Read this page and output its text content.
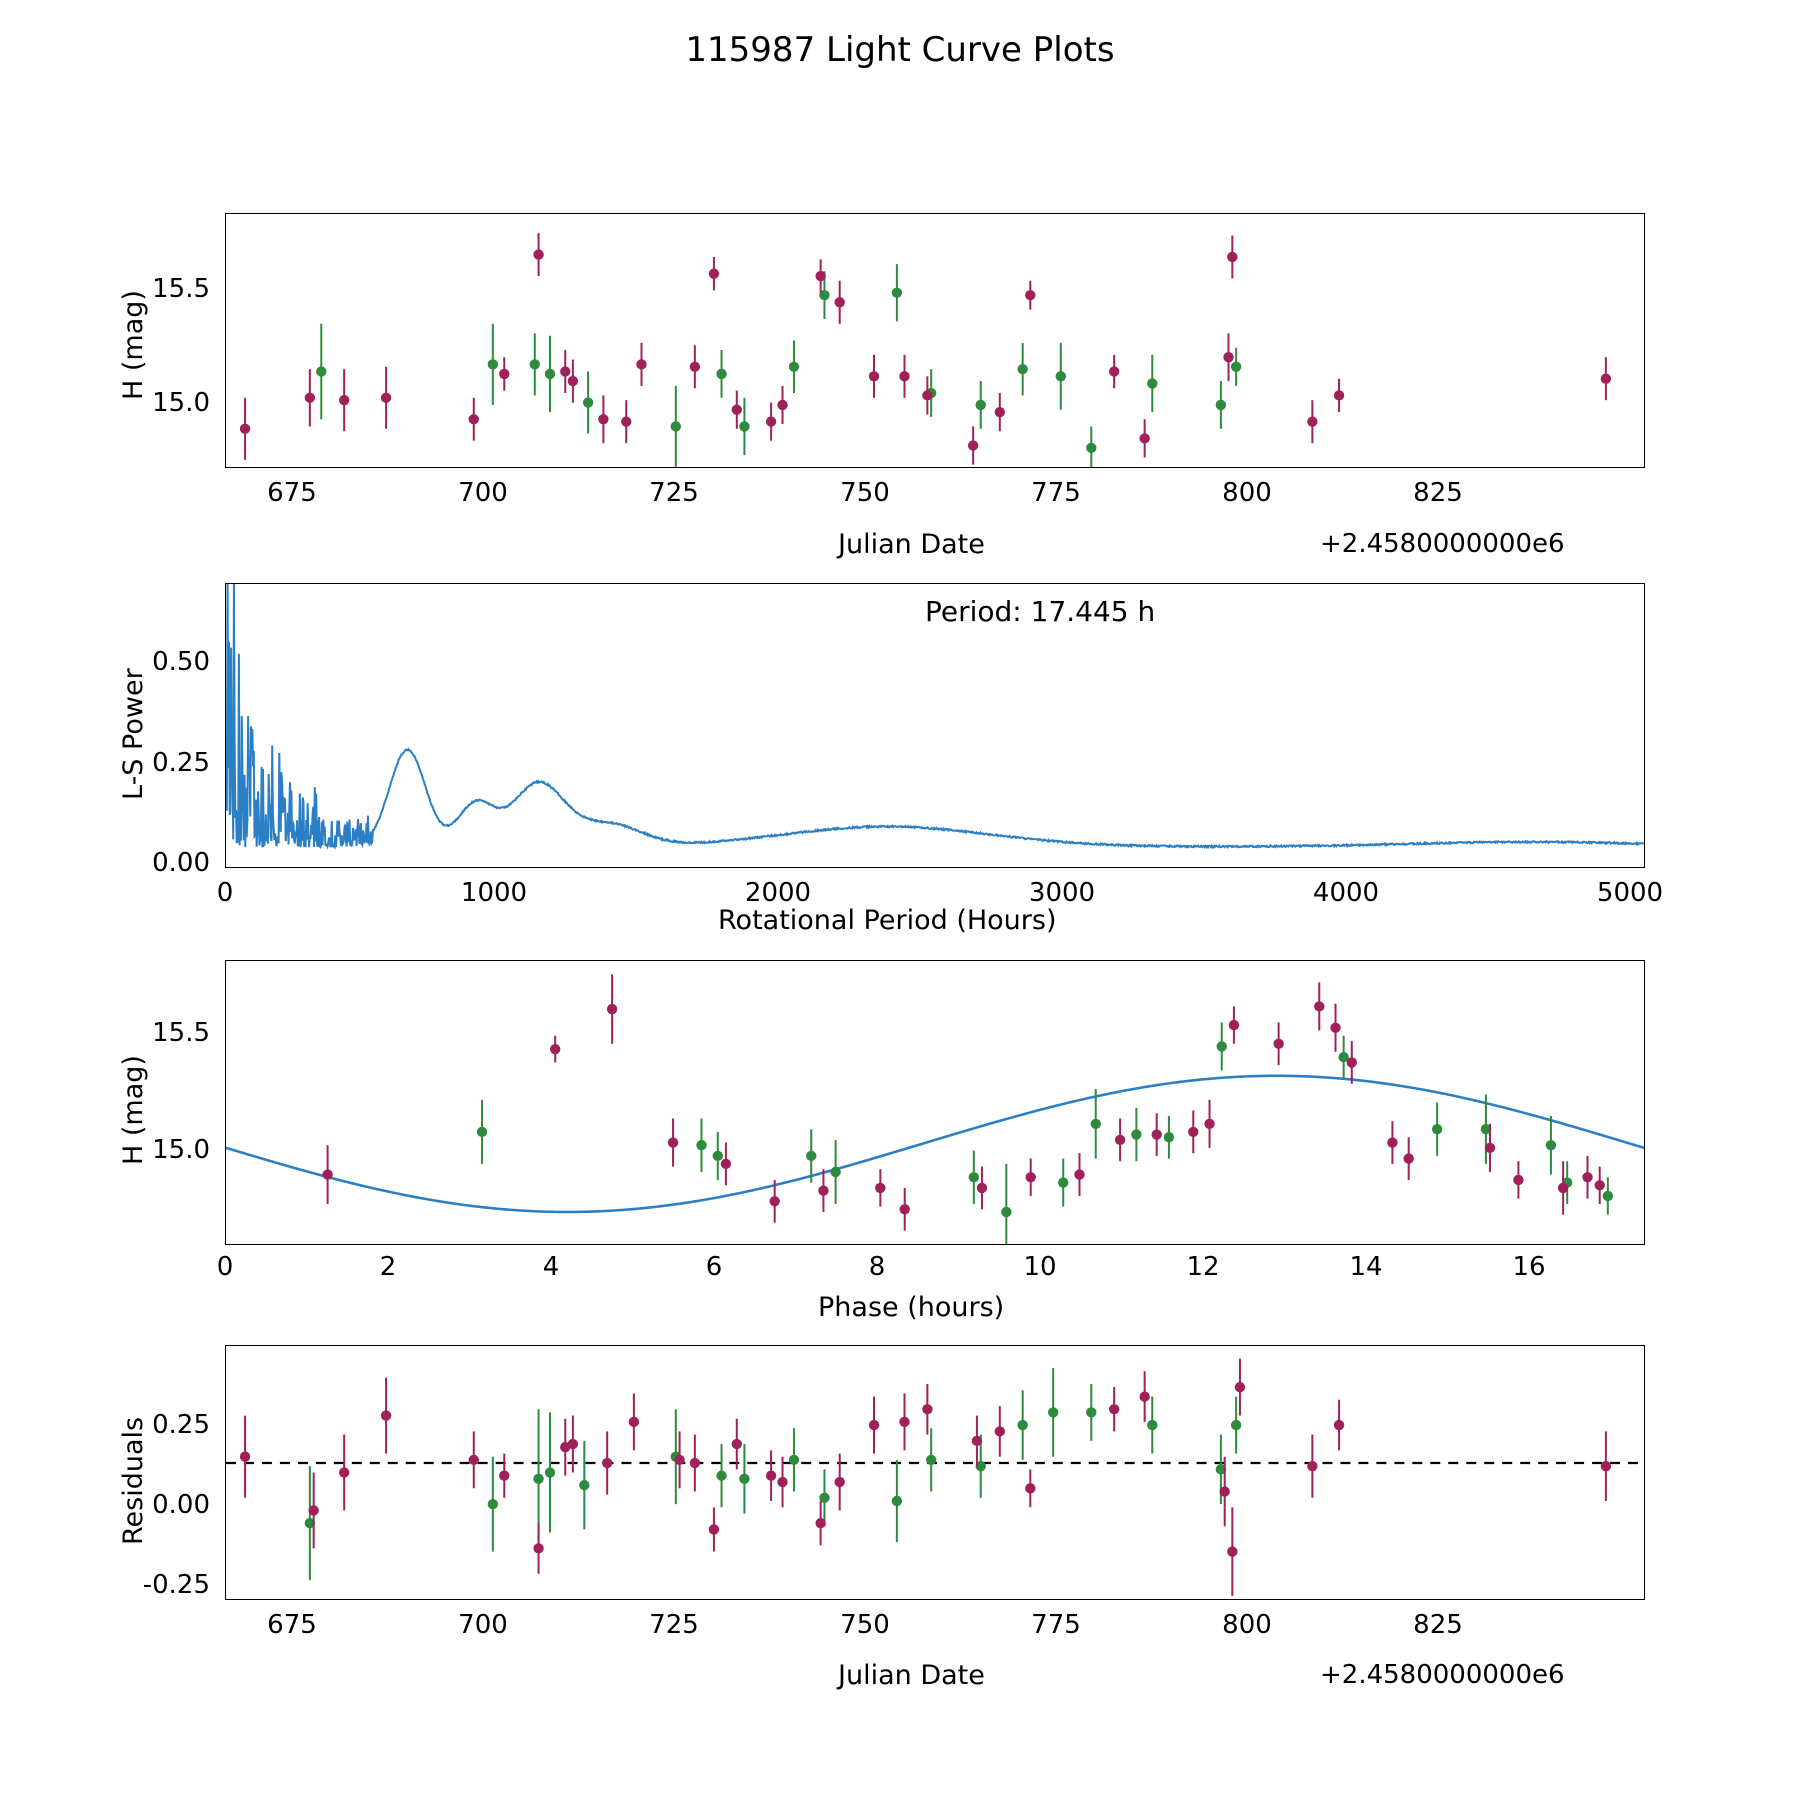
115987 Light Curve Plots
H (mag)
Julian Date	+2.4580000000e6
15.5
15.0
675	700	725	750	775	800	825
Period: 17.445 h
L-S Power
Rotational Period (Hours)
0.50
0.25
0.00
0	1000	2000	3000	4000	5000
H (mag)
Phase (hours)
15.5
15.0
0	2	4	6	8	10	12	14	16
Residuals
Julian Date	+2.4580000000e6
0.25
0.00
-0.25
675	700	725	750	775	800	825
